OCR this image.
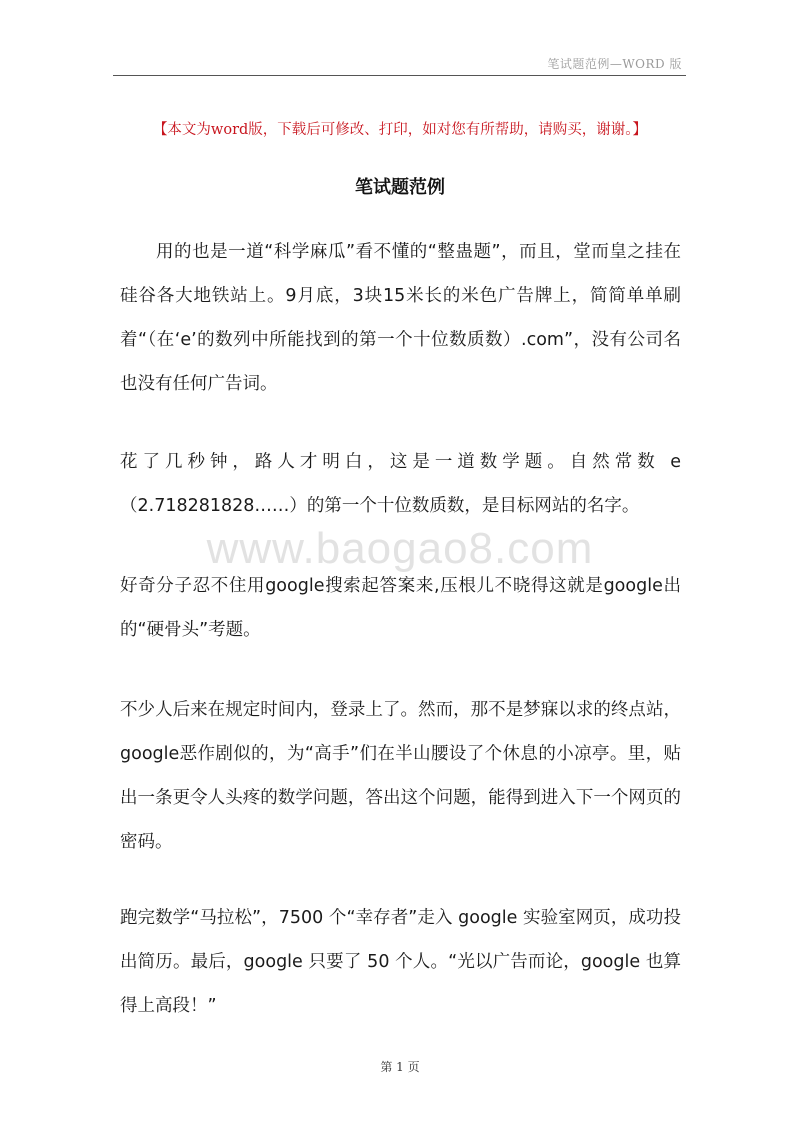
笔试题范例—WORD 版
【本文为word版，下载后可修改、打印，如对您有所帮助，请购买，谢谢。】
笔试题范例

用的也是一道“科学麻瓜”看不懂的“整蛊题”，而且，堂而皇之挂在硅谷各大地铁站上。9月底，3块15米长的米色广告牌上，简简单单刷着“（在‘e’的数列中所能找到的第一个十位数质数）.com”，没有公司名也没有任何广告词。

花了几秒钟，路人才明白，这是一道数学题。自然常数 e（2.718281828……）的第一个十位数质数，是目标网站的名字。

www.baogao8.com

好奇分子忍不住用google搜索起答案来,压根儿不晓得这就是google出的“硬骨头”考题。

不少人后来在规定时间内，登录上了。然而，那不是梦寐以求的终点站，google恶作剧似的，为“高手”们在半山腰设了个休息的小凉亭。里，贴出一条更令人头疼的数学问题，答出这个问题，能得到进入下一个网页的密码。

跑完数学“马拉松”，7500 个“幸存者”走入 google 实验室网页，成功投出简历。最后，google 只要了 50 个人。“光以广告而论，google 也算得上高段！”

第 1 页
